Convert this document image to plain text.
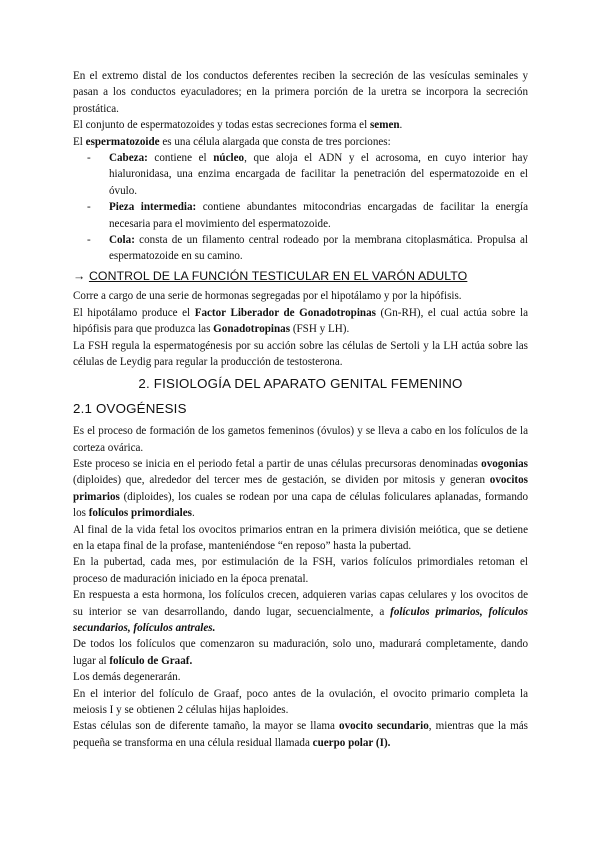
En el extremo distal de los conductos deferentes reciben la secreción de las vesículas seminales y pasan a los conductos eyaculadores; en la primera porción de la uretra se incorpora la secreción prostática.

El conjunto de espermatozoides y todas estas secreciones forma el semen.

El espermatozoide es una célula alargada que consta de tres porciones:

- Cabeza: contiene el núcleo, que aloja el ADN y el acrosoma, en cuyo interior hay hialuronidasa, una enzima encargada de facilitar la penetración del espermatozoide en el óvulo.
- Pieza intermedia: contiene abundantes mitocondrias encargadas de facilitar la energía necesaria para el movimiento del espermatozoide.
- Cola: consta de un filamento central rodeado por la membrana citoplasmática. Propulsa al espermatozoide en su camino.

→ CONTROL DE LA FUNCIÓN TESTICULAR EN EL VARÓN ADULTO

Corre a cargo de una serie de hormonas segregadas por el hipotálamo y por la hipófisis.

El hipotálamo produce el Factor Liberador de Gonadotropinas (Gn-RH), el cual actúa sobre la hipófisis para que produzca las Gonadotropinas (FSH y LH).

La FSH regula la espermatogénesis por su acción sobre las células de Sertoli y la LH actúa sobre las células de Leydig para regular la producción de testosterona.

2. FISIOLOGÍA DEL APARATO GENITAL FEMENINO

2.1 OVOGÉNESIS

Es el proceso de formación de los gametos femeninos (óvulos) y se lleva a cabo en los folículos de la corteza ovárica.

Este proceso se inicia en el periodo fetal a partir de unas células precursoras denominadas ovogonias (diploides) que, alrededor del tercer mes de gestación, se dividen por mitosis y generan ovocitos primarios (diploides), los cuales se rodean por una capa de células foliculares aplanadas, formando los folículos primordiales.

Al final de la vida fetal los ovocitos primarios entran en la primera división meiótica, que se detiene en la etapa final de la profase, manteniéndose “en reposo” hasta la pubertad.

En la pubertad, cada mes, por estimulación de la FSH, varios folículos primordiales retoman el proceso de maduración iniciado en la época prenatal.

En respuesta a esta hormona, los folículos crecen, adquieren varias capas celulares y los ovocitos de su interior se van desarrollando, dando lugar, secuencialmente, a folículos primarios, folículos secundarios, folículos antrales.

De todos los folículos que comenzaron su maduración, solo uno, madurará completamente, dando lugar al folículo de Graaf.

Los demás degenerarán.

En el interior del folículo de Graaf, poco antes de la ovulación, el ovocito primario completa la meiosis I y se obtienen 2 células hijas haploides.

Estas células son de diferente tamaño, la mayor se llama ovocito secundario, mientras que la más pequeña se transforma en una célula residual llamada cuerpo polar (I).
